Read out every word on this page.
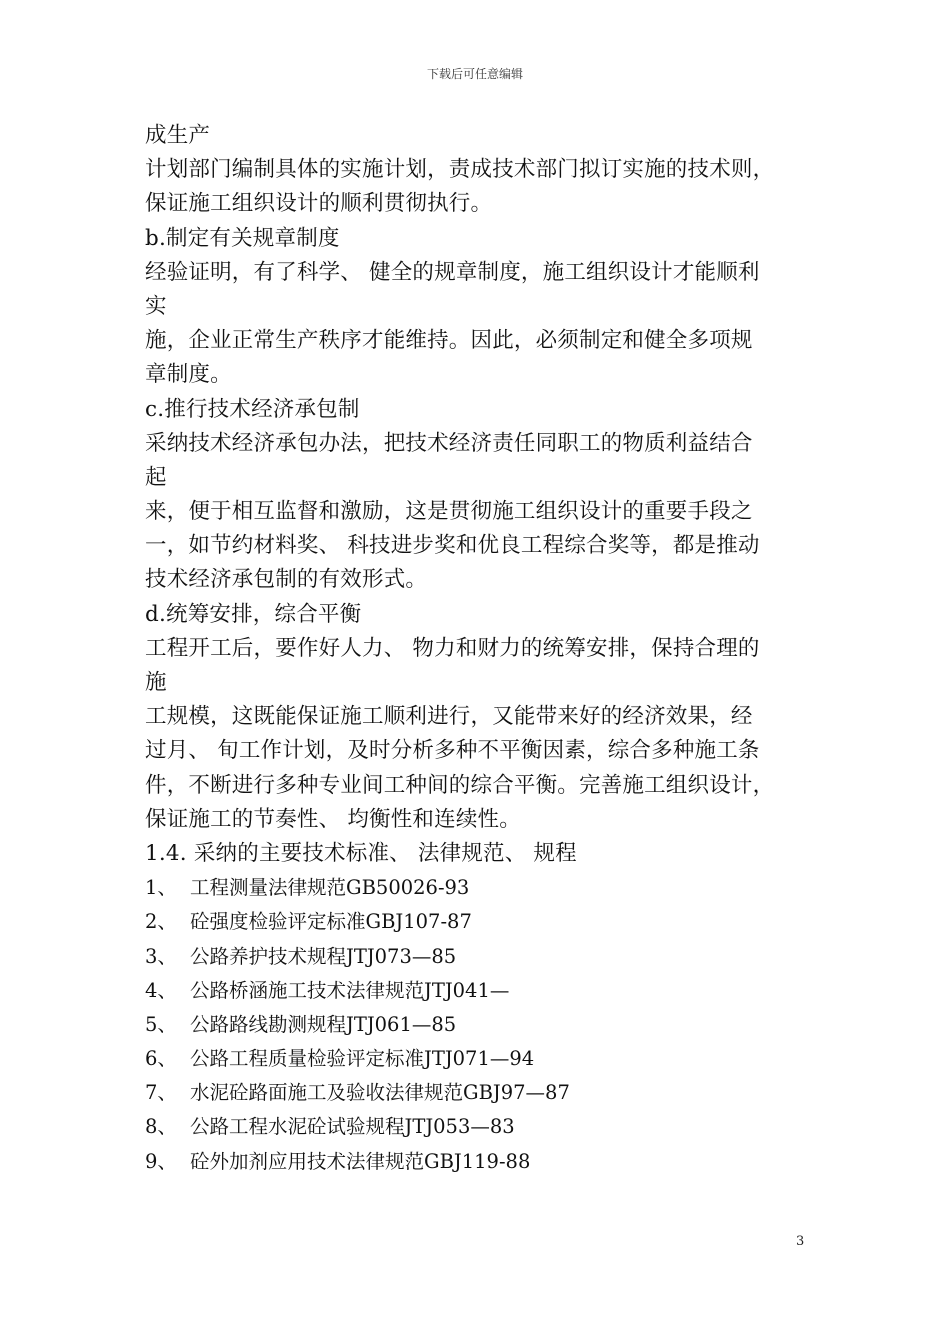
下载后可任意编辑
成生产
计划部门编制具体的实施计划，责成技术部门拟订实施的技术则，
保证施工组织设计的顺利贯彻执行。
b.制定有关规章制度
经验证明，有了科学、 健全的规章制度，施工组织设计才能顺利
实
施，企业正常生产秩序才能维持。因此，必须制定和健全多项规
章制度。
c.推行技术经济承包制
采纳技术经济承包办法，把技术经济责任同职工的物质利益结合
起
来，便于相互监督和激励，这是贯彻施工组织设计的重要手段之
一，如节约材料奖、 科技进步奖和优良工程综合奖等，都是推动
技术经济承包制的有效形式。
d.统筹安排，综合平衡
工程开工后，要作好人力、 物力和财力的统筹安排，保持合理的
施
工规模，这既能保证施工顺利进行，又能带来好的经济效果，经
过月、 旬工作计划，及时分析多种不平衡因素，综合多种施工条
件，不断进行多种专业间工种间的综合平衡。完善施工组织设计，
保证施工的节奏性、 均衡性和连续性。
1.4. 采纳的主要技术标准、 法律规范、 规程
1、 工程测量法律规范GB50026-93
2、 砼强度检验评定标准GBJ107-87
3、 公路养护技术规程JTJ073—85
4、 公路桥涵施工技术法律规范JTJ041—
5、 公路路线勘测规程JTJ061—85
6、 公路工程质量检验评定标准JTJ071—94
7、 水泥砼路面施工及验收法律规范GBJ97—87
8、 公路工程水泥砼试验规程JTJ053—83
9、 砼外加剂应用技术法律规范GBJ119-88
3
